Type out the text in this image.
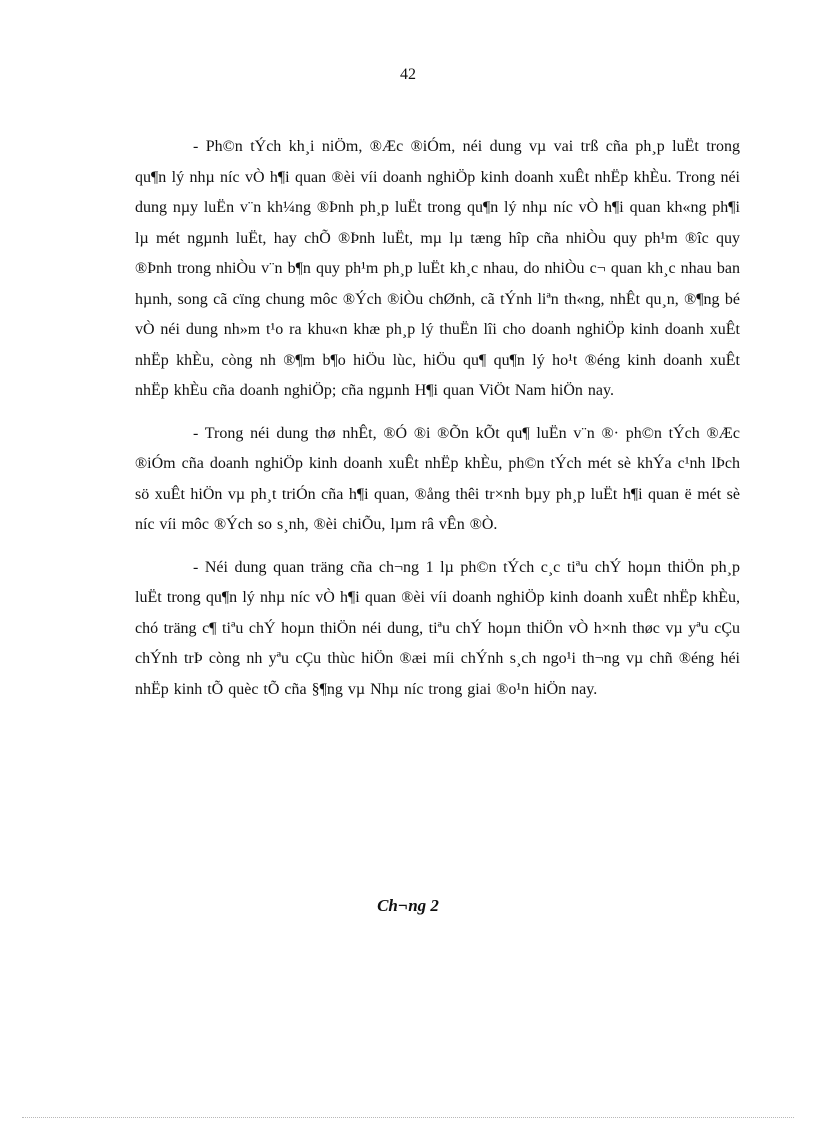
42

- Ph©n tÝch kh¸i niÖm, ®Æc ®iÓm, néi dung vµ vai trß cña ph¸p luËt trong qu¶n lý nhµ níc vÒ h¶i quan ®èi víi doanh nghiÖp kinh doanh xuÊt nhËp khÈu. Trong néi dung nµy luËn v¨n kh¼ng ®Þnh ph¸p luËt trong qu¶n lý nhµ níc vÒ h¶i quan kh«ng ph¶i lµ mét ngµnh luËt, hay chÕ ®Þnh luËt, mµ lµ tæng hîp cña nhiÒu quy ph¹m ®îc quy ®Þnh trong nhiÒu v¨n b¶n quy ph¹m ph¸p luËt kh¸c nhau, do nhiÒu c¬ quan kh¸c nhau ban hµnh, song cã cïng chung môc ®Ých ®iÒu chØnh, cã tÝnh liªn th«ng, nhÊt qu¸n, ®¶ng bé vÒ néi dung nh»m t¹o ra khu«n khæ ph¸p lý thuËn lîi cho doanh nghiÖp kinh doanh xuÊt nhËp khÈu, còng nh ®¶m b¶o hiÖu lùc, hiÖu qu¶ qu¶n lý ho¹t ®éng kinh doanh xuÊt nhËp khÈu cña doanh nghiÖp; cña ngµnh H¶i quan ViÖt Nam hiÖn nay.

- Trong néi dung thø nhÊt, ®Ó ®i ®Õn kÕt qu¶ luËn v¨n ®· ph©n tÝch ®Æc ®iÓm cña doanh nghiÖp kinh doanh xuÊt nhËp khÈu, ph©n tÝch mét sè khÝa c¹nh lÞch sö xuÊt hiÖn vµ ph¸t triÓn cña h¶i quan, ®ång thêi tr×nh bµy ph¸p luËt h¶i quan ë mét sè níc víi môc ®Ých so s¸nh, ®èi chiÕu, lµm râ vÊn ®Ò.

- Néi dung quan träng cña ch¬ng 1 lµ ph©n tÝch c¸c tiªu chÝ hoµn thiÖn ph¸p luËt trong qu¶n lý nhµ níc vÒ h¶i quan ®èi víi doanh nghiÖp kinh doanh xuÊt nhËp khÈu, chó träng c¶ tiªu chÝ hoµn thiÖn néi dung, tiªu chÝ hoµn thiÖn vÒ h×nh thøc vµ yªu cÇu chÝnh trÞ còng nh yªu cÇu thùc hiÖn ®æi míi chÝnh s¸ch ngo¹i th¬ng vµ chñ ®éng héi nhËp kinh tÕ quèc tÕ cña §¶ng vµ Nhµ níc trong giai ®o¹n hiÖn nay.

Ch¬ng 2
